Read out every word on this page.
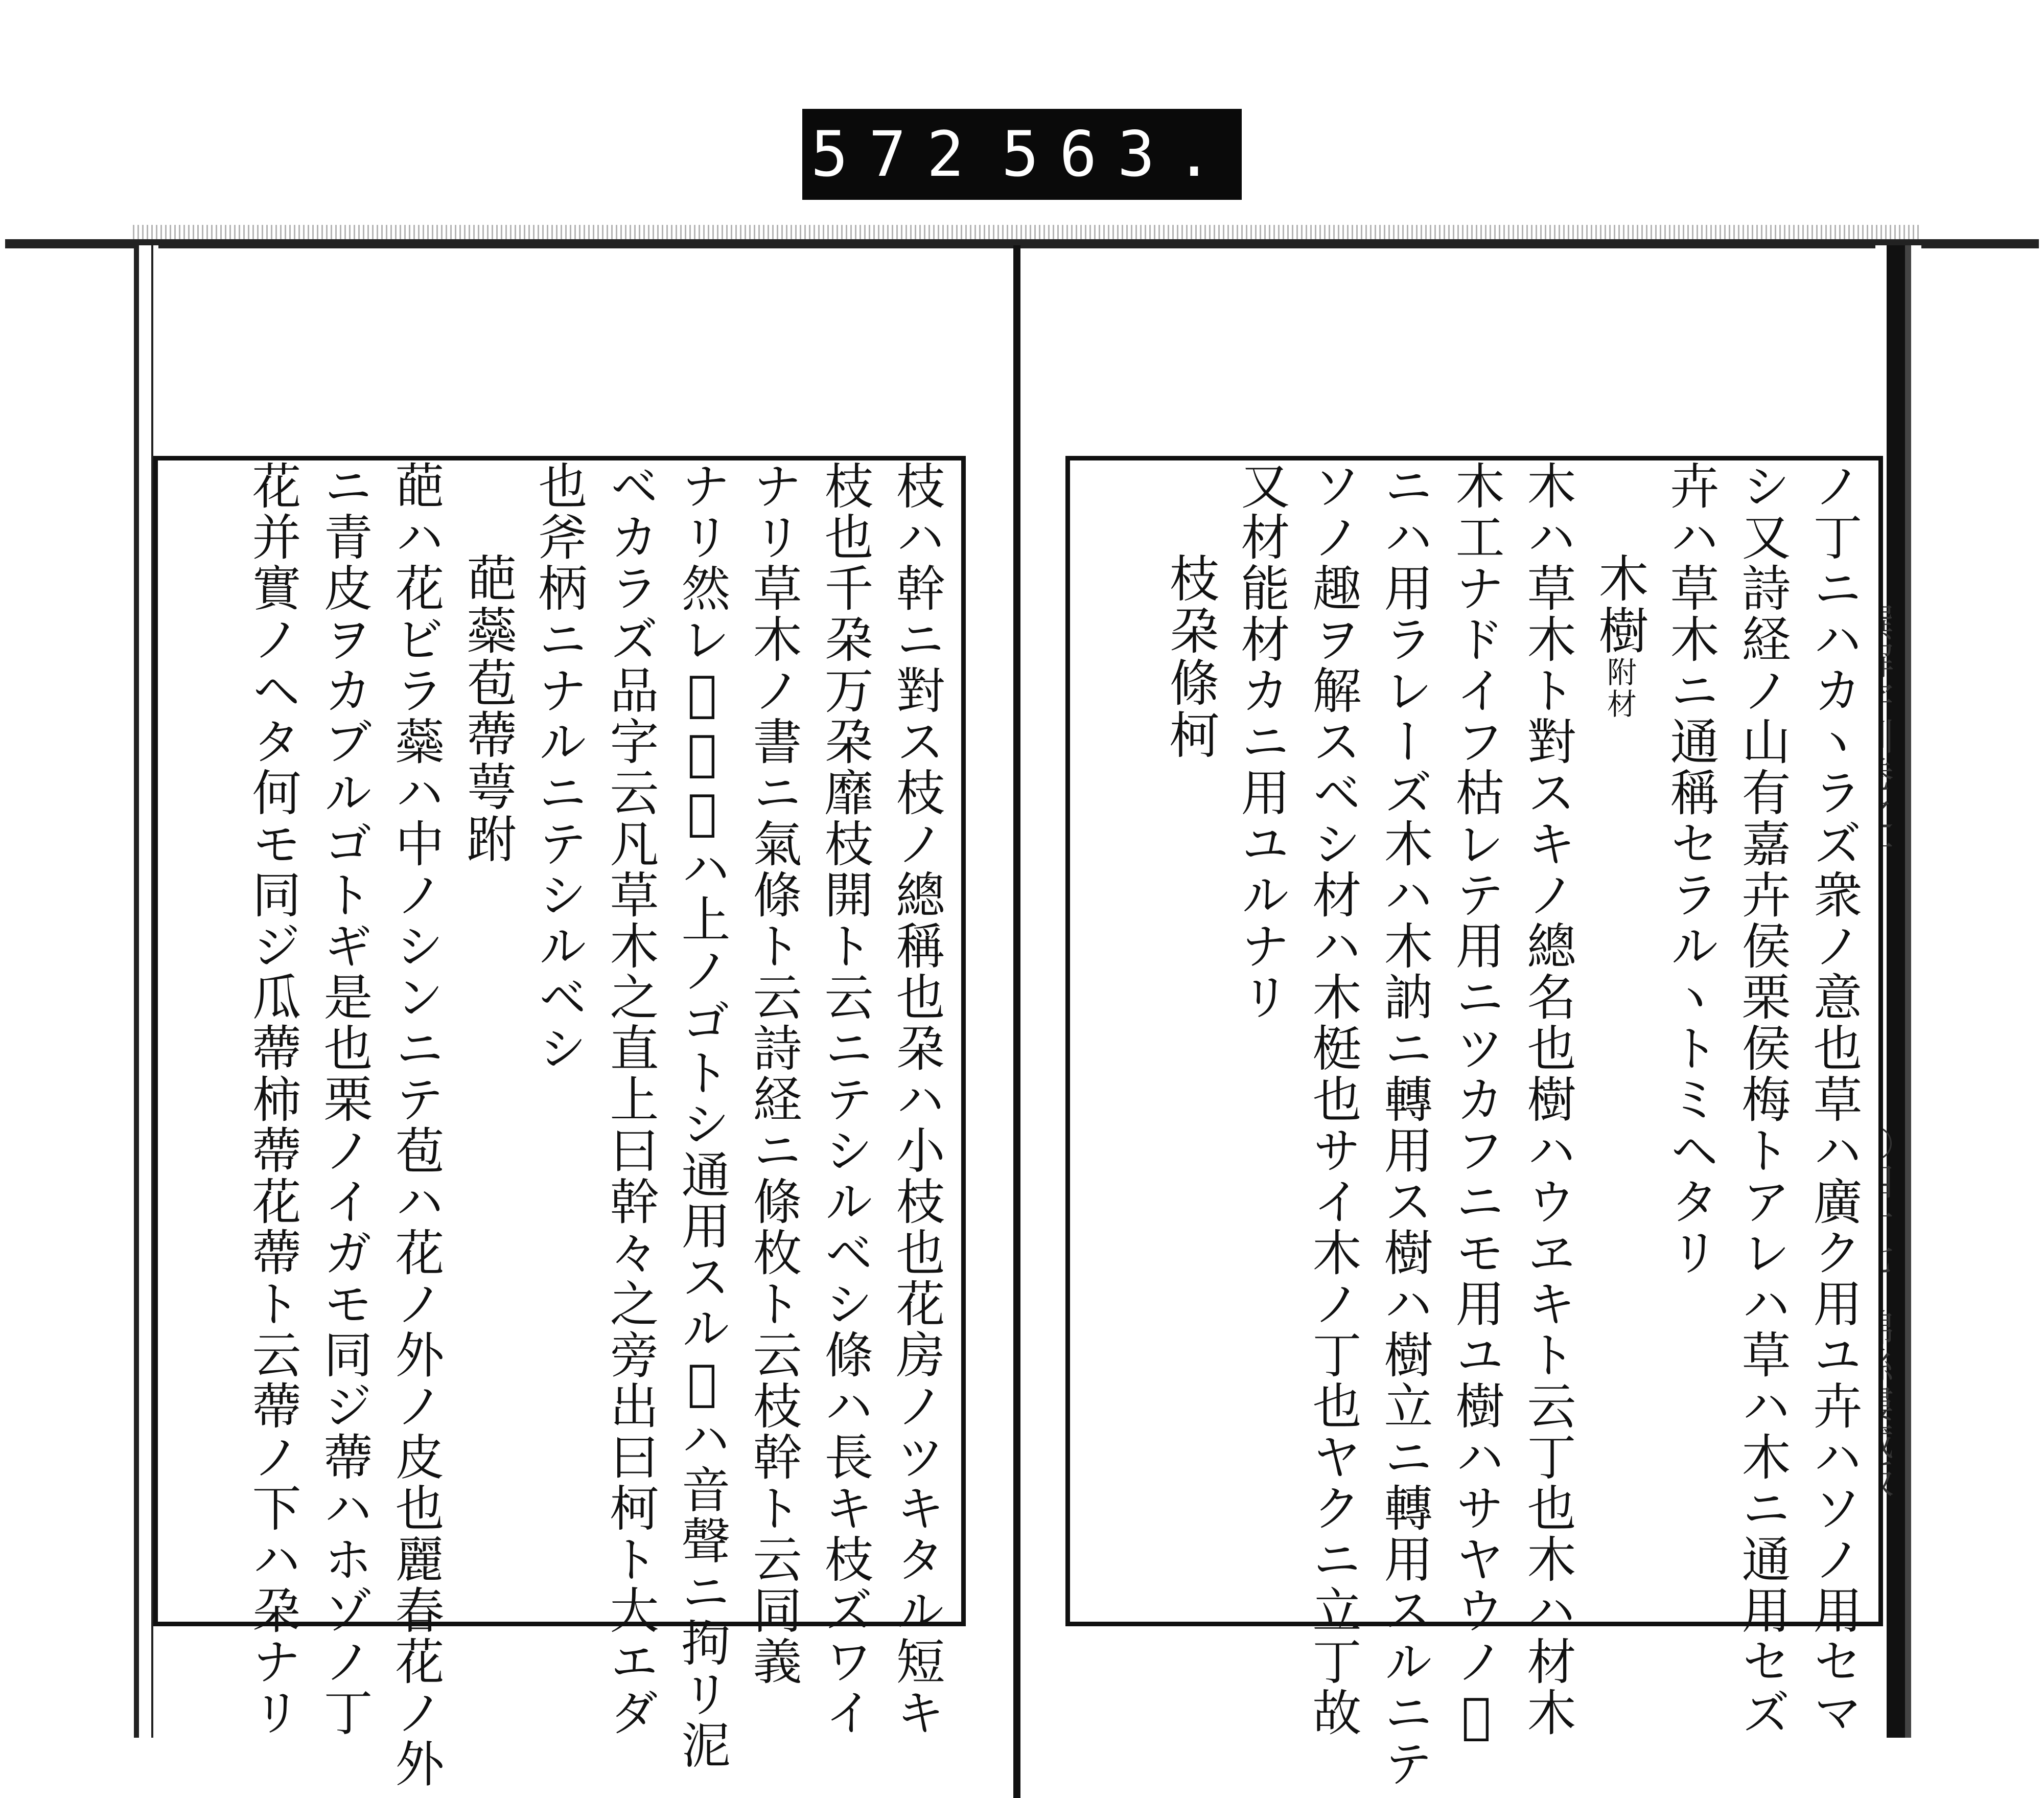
572 563.
枝ハ幹ニ對ス枝ノ總稱也朶ハ小枝也花房ノツキタル短キ
枝也千朶万朶靡枝開ト云ニテシルベシ條ハ長キ枝ズワイ
ナリ草木ノ書ニ氣條ト云詩経ニ條枚ト云枝幹ト云同義
ナリ然レ𪜈本義ハ上ノゴトシ通用スル𬼂ハ音聲ニ拘リ泥
ベカラズ品字云凡草木之直上曰幹々之旁出曰柯ト大エダ
也斧柄ニナルニテシルベシ
葩蘂苞蔕萼跗
葩ハ花ビラ蘂ハ中ノシンニテ苞ハ花ノ外ノ皮也麗春花ノ外
ニ青皮ヲカブルゴトギ是也栗ノイガモ同ジ蔕ハホゾノ丁
花并實ノヘタ何モ同ジ瓜蔕柿蔕花蔕ト云蔕ノ下ハ朶ナリ	ノ丁ニハカヽラズ衆ノ意也草ハ廣ク用ユ卉ハソノ用セマ
シ又詩経ノ山有嘉卉侯栗侯梅トアレハ草ハ木ニ通用セズ
卉ハ草木ニ通稱セラルヽトミヘタリ
木樹附材
木ハ草木ト對スキノ總名也樹ハウヱキト云丁也木ハ材木
木工ナドイフ枯レテ用ニツカフニモ用ユ樹ハサヤウノ𬼂
ニハ用ラレーズ木ハ木訥ニ轉用ス樹ハ樹立ニ轉用スルニテ
ソノ趣ヲ解スベシ材ハ木梃也サイ木ノ丁也ヤクニ立丁故
又材能材カニ用ユルナリ
枝朶條柯
